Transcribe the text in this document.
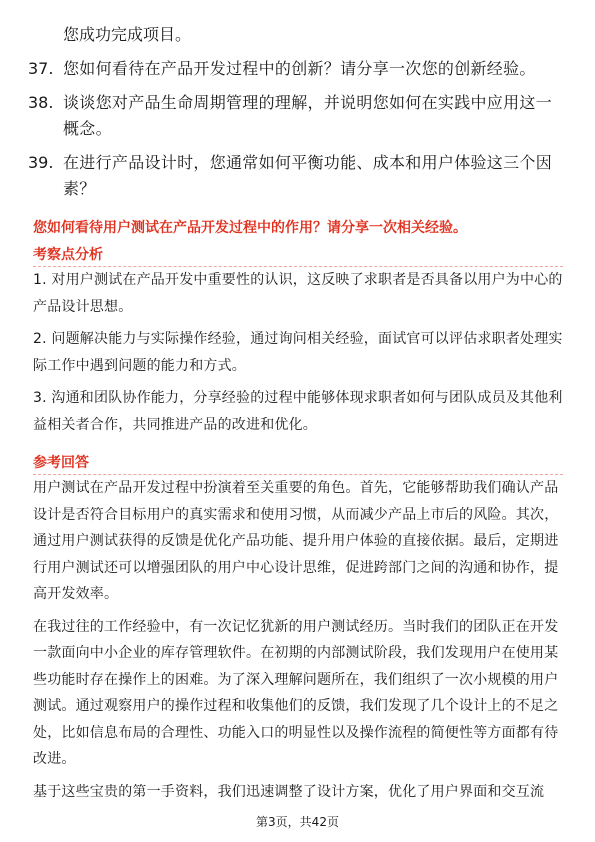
您成功完成项目。

37. 您如何看待在产品开发过程中的创新？请分享一次您的创新经验。
38. 谈谈您对产品生命周期管理的理解，并说明您如何在实践中应用这一概念。
39. 在进行产品设计时，您通常如何平衡功能、成本和用户体验这三个因素？
您如何看待用户测试在产品开发过程中的作用？请分享一次相关经验。
考察点分析

1. 对用户测试在产品开发中重要性的认识，这反映了求职者是否具备以用户为中心的产品设计思想。

2. 问题解决能力与实际操作经验，通过询问相关经验，面试官可以评估求职者处理实际工作中遇到问题的能力和方式。

3. 沟通和团队协作能力，分享经验的过程中能够体现求职者如何与团队成员及其他利益相关者合作，共同推进产品的改进和优化。

参考回答

用户测试在产品开发过程中扮演着至关重要的角色。首先，它能够帮助我们确认产品设计是否符合目标用户的真实需求和使用习惯，从而减少产品上市后的风险。其次，通过用户测试获得的反馈是优化产品功能、提升用户体验的直接依据。最后，定期进行用户测试还可以增强团队的用户中心设计思维，促进跨部门之间的沟通和协作，提高开发效率。

在我过往的工作经验中，有一次记忆犹新的用户测试经历。当时我们的团队正在开发一款面向中小企业的库存管理软件。在初期的内部测试阶段，我们发现用户在使用某些功能时存在操作上的困难。为了深入理解问题所在，我们组织了一次小规模的用户测试。通过观察用户的操作过程和收集他们的反馈，我们发现了几个设计上的不足之处，比如信息布局的合理性、功能入口的明显性以及操作流程的简便性等方面都有待改进。

基于这些宝贵的第一手资料，我们迅速调整了设计方案，优化了用户界面和交互流

第3页，共42页
